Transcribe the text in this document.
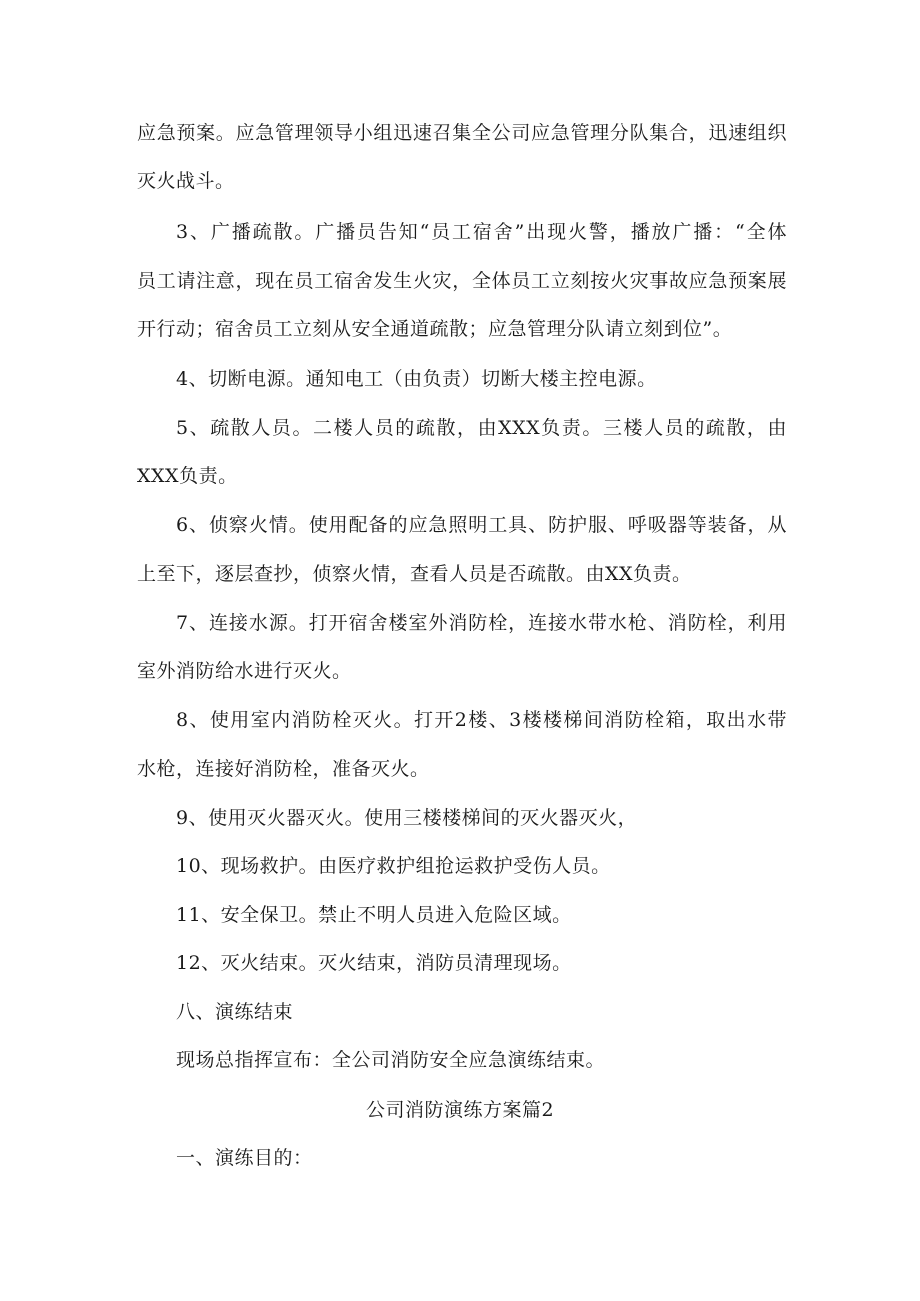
应急预案。应急管理领导小组迅速召集全公司应急管理分队集合，迅速组织
灭火战斗。
3、广播疏散。广播员告知“员工宿舍”出现火警，播放广播：“全体
员工请注意，现在员工宿舍发生火灾，全体员工立刻按火灾事故应急预案展
开行动；宿舍员工立刻从安全通道疏散；应急管理分队请立刻到位”。
4、切断电源。通知电工（由负责）切断大楼主控电源。
5、疏散人员。二楼人员的疏散，由XXX负责。三楼人员的疏散，由
XXX负责。
6、侦察火情。使用配备的应急照明工具、防护服、呼吸器等装备，从
上至下，逐层查抄，侦察火情，查看人员是否疏散。由XX负责。
7、连接水源。打开宿舍楼室外消防栓，连接水带水枪、消防栓，利用
室外消防给水进行灭火。
8、使用室内消防栓灭火。打开2楼、3楼楼梯间消防栓箱，取出水带
水枪，连接好消防栓，准备灭火。
9、使用灭火器灭火。使用三楼楼梯间的灭火器灭火，
10、现场救护。由医疗救护组抢运救护受伤人员。
11、安全保卫。禁止不明人员进入危险区域。
12、灭火结束。灭火结束，消防员清理现场。
八、演练结束
现场总指挥宣布：全公司消防安全应急演练结束。
公司消防演练方案篇2
一、演练目的：
